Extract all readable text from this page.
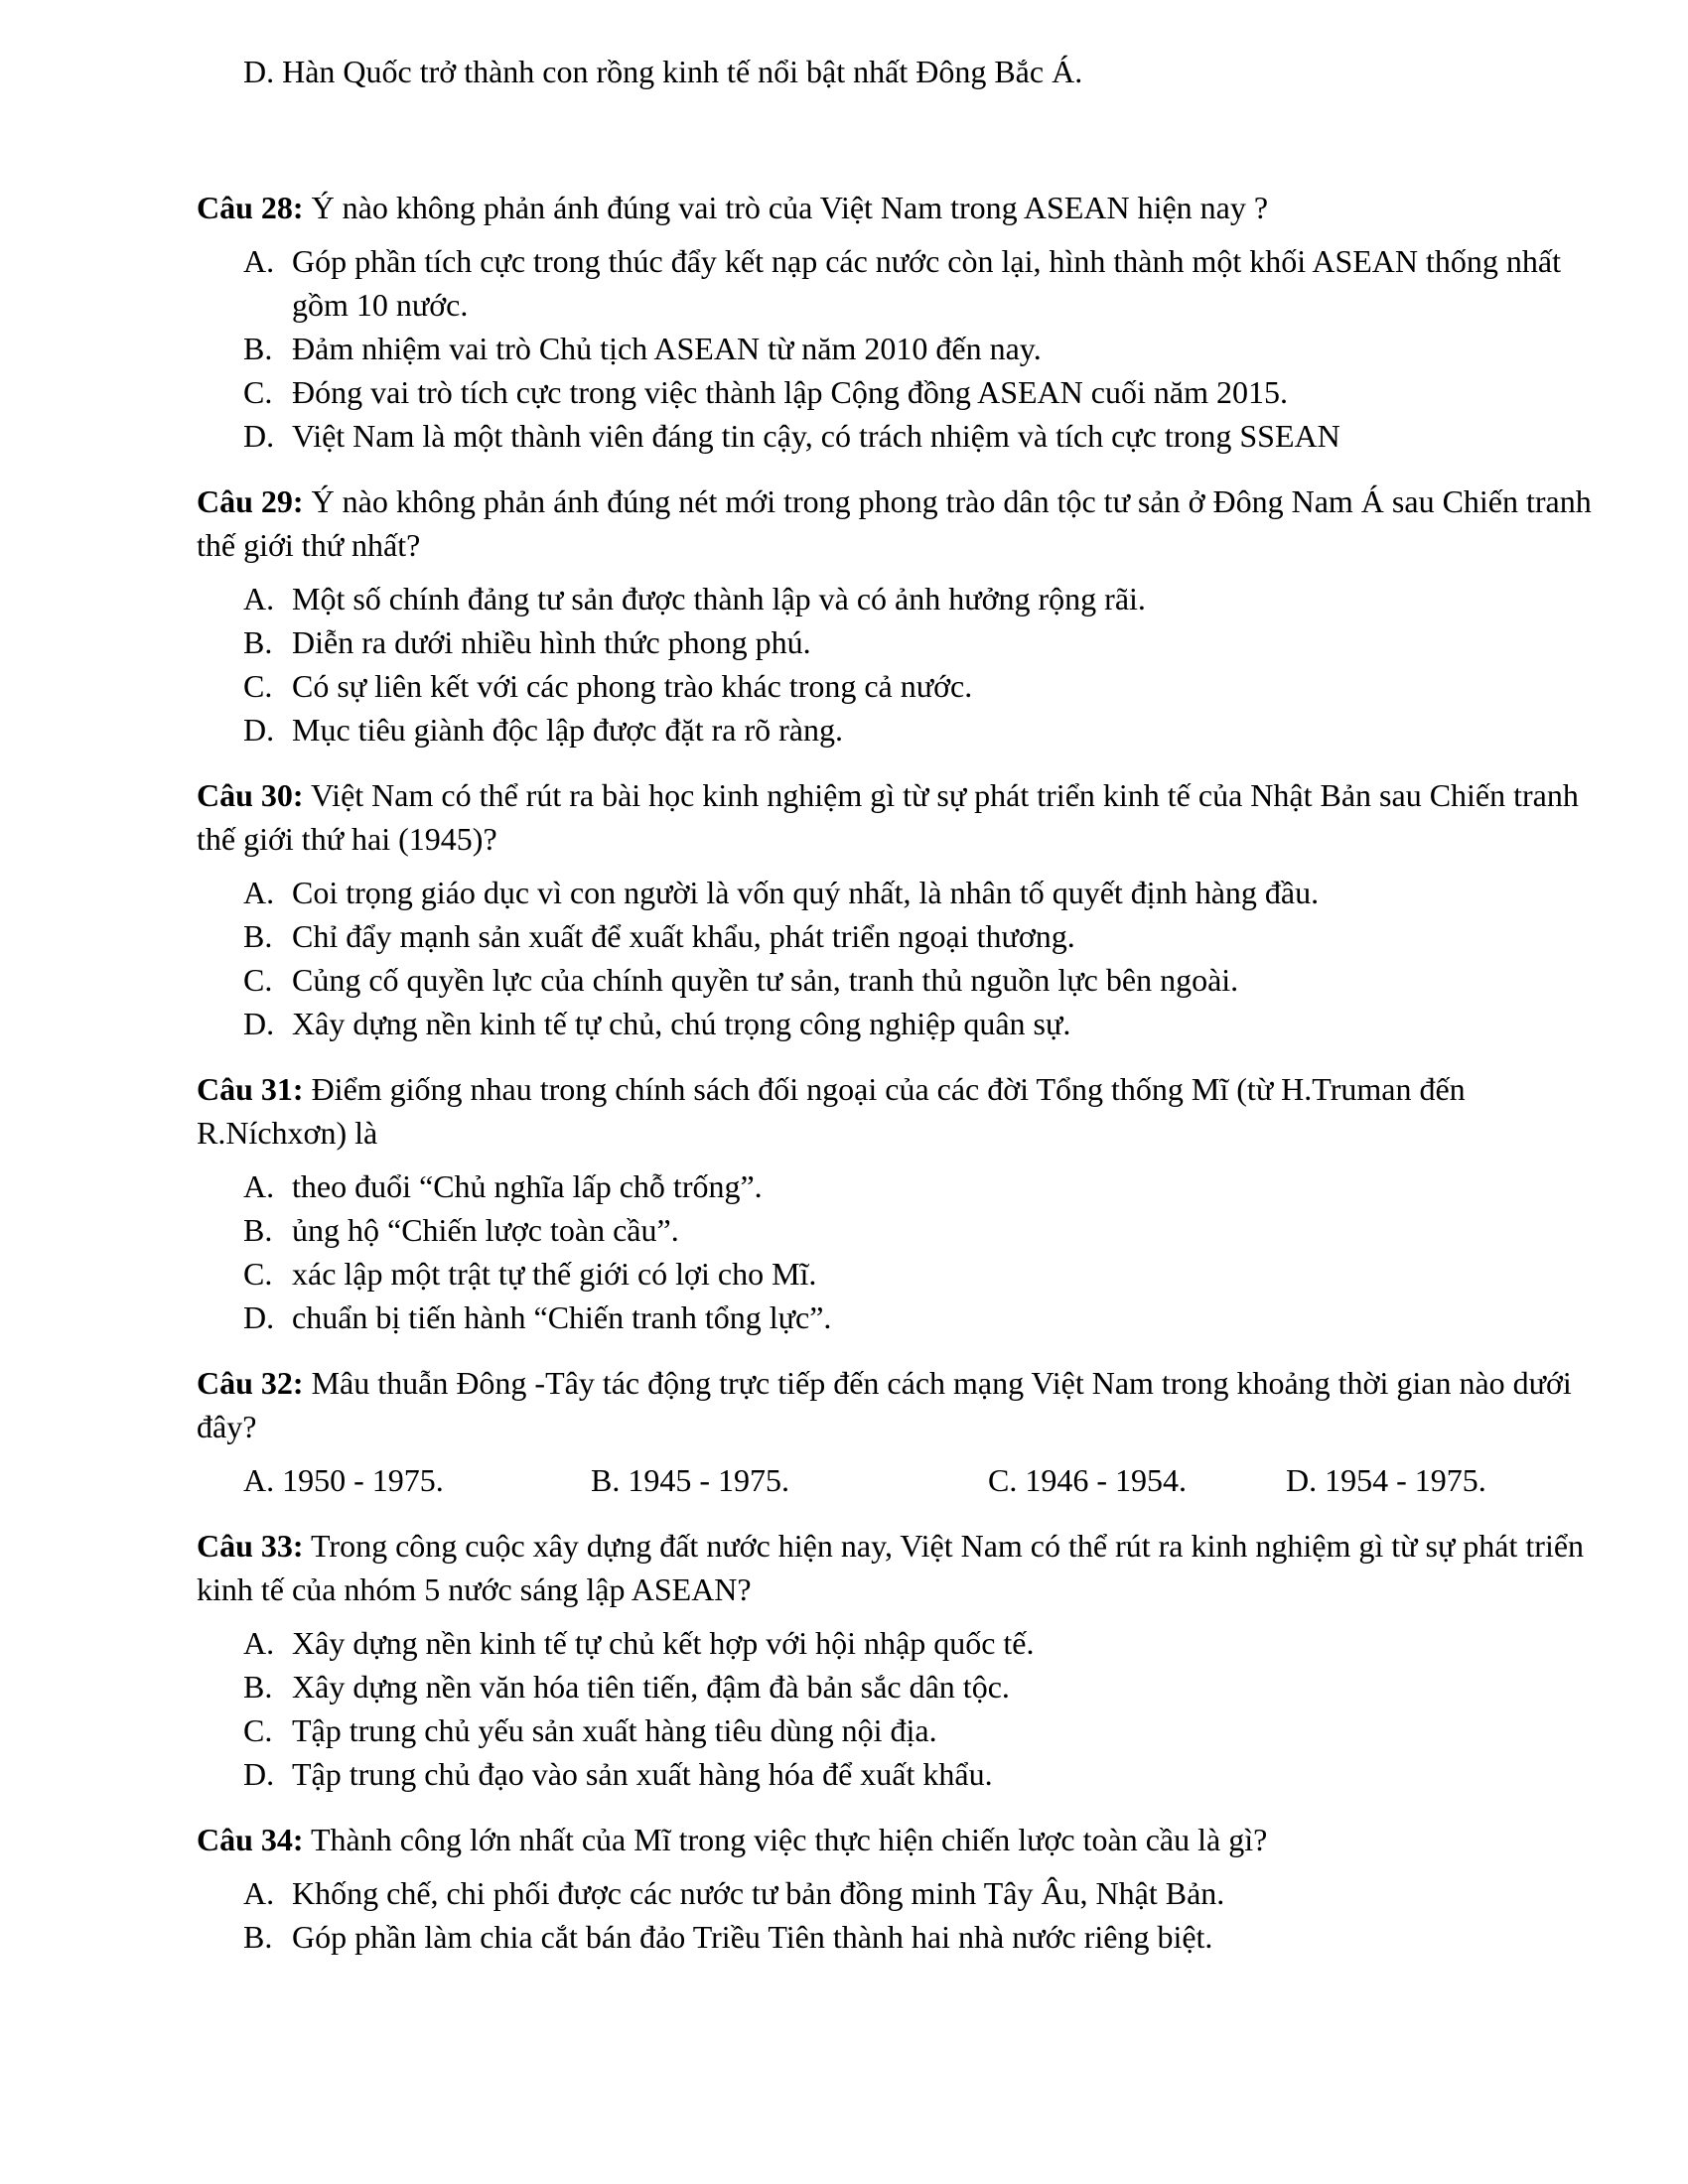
D. Hàn Quốc trở thành con rồng kinh tế nổi bật nhất Đông Bắc Á.

Câu 28: Ý nào không phản ánh đúng vai trò của Việt Nam trong ASEAN hiện nay ?

A. Góp phần tích cực trong thúc đẩy kết nạp các nước còn lại, hình thành một khối ASEAN thống nhất gồm 10 nước.
B. Đảm nhiệm vai trò Chủ tịch ASEAN từ năm 2010 đến nay.
C. Đóng vai trò tích cực trong việc thành lập Cộng đồng ASEAN cuối năm 2015.
D. Việt Nam là một thành viên đáng tin cậy, có trách nhiệm và tích cực trong SSEAN

Câu 29: Ý nào không phản ánh đúng nét mới trong phong trào dân tộc tư sản ở Đông Nam Á sau Chiến tranh thế giới thứ nhất?

A. Một số chính đảng tư sản được thành lập và có ảnh hưởng rộng rãi.
B. Diễn ra dưới nhiều hình thức phong phú.
C. Có sự liên kết với các phong trào khác trong cả nước.
D. Mục tiêu giành độc lập được đặt ra rõ ràng.

Câu 30: Việt Nam có thể rút ra bài học kinh nghiệm gì từ sự phát triển kinh tế của Nhật Bản sau Chiến tranh thế giới thứ hai (1945)?

A. Coi trọng giáo dục vì con người là vốn quý nhất, là nhân tố quyết định hàng đầu.
B. Chỉ đẩy mạnh sản xuất để xuất khẩu, phát triển ngoại thương.
C. Củng cố quyền lực của chính quyền tư sản, tranh thủ nguồn lực bên ngoài.
D. Xây dựng nền kinh tế tự chủ, chú trọng công nghiệp quân sự.

Câu 31: Điểm giống nhau trong chính sách đối ngoại của các đời Tổng thống Mĩ (từ H.Truman đến R.Níchxơn) là

A. theo đuổi “Chủ nghĩa lấp chỗ trống”.
B. ủng hộ “Chiến lược toàn cầu”.
C. xác lập một trật tự thế giới có lợi cho Mĩ.
D. chuẩn bị tiến hành “Chiến tranh tổng lực”.

Câu 32: Mâu thuẫn Đông -Tây tác động trực tiếp đến cách mạng Việt Nam trong khoảng thời gian nào dưới đây?

A. 1950 - 1975.	B. 1945 - 1975.	C. 1946 - 1954.	D. 1954 - 1975.

Câu 33: Trong công cuộc xây dựng đất nước hiện nay, Việt Nam có thể rút ra kinh nghiệm gì từ sự phát triển kinh tế của nhóm 5 nước sáng lập ASEAN?

A. Xây dựng nền kinh tế tự chủ kết hợp với hội nhập quốc tế.
B. Xây dựng nền văn hóa tiên tiến, đậm đà bản sắc dân tộc.
C. Tập trung chủ yếu sản xuất hàng tiêu dùng nội địa.
D. Tập trung chủ đạo vào sản xuất hàng hóa để xuất khẩu.

Câu 34: Thành công lớn nhất của Mĩ trong việc thực hiện chiến lược toàn cầu là gì?

A. Khống chế, chi phối được các nước tư bản đồng minh Tây Âu, Nhật Bản.
B. Góp phần làm chia cắt bán đảo Triều Tiên thành hai nhà nước riêng biệt.
